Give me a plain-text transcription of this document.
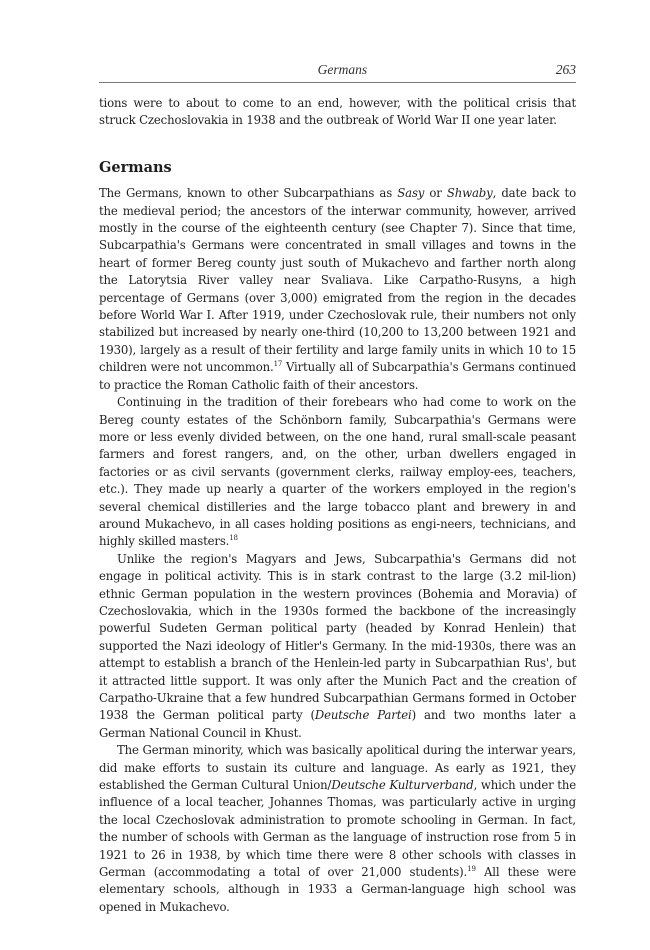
Germans	263

tions were to about to come to an end, however, with the political crisis that struck Czechoslovakia in 1938 and the outbreak of World War II one year later.

Germans

The Germans, known to other Subcarpathians as Sasy or Shwaby, date back to the medieval period; the ancestors of the interwar community, however, arrived mostly in the course of the eighteenth century (see Chapter 7). Since that time, Subcarpathia's Germans were concentrated in small villages and towns in the heart of former Bereg county just south of Mukachevo and farther north along the Latorytsia River valley near Svaliava. Like Carpatho-Rusyns, a high percentage of Germans (over 3,000) emigrated from the region in the decades before World War I. After 1919, under Czechoslovak rule, their numbers not only stabilized but increased by nearly one-third (10,200 to 13,200 between 1921 and 1930), largely as a result of their fertility and large family units in which 10 to 15 children were not uncommon.$^{17}$ Virtually all of Subcarpathia's Germans continued to practice the Roman Catholic faith of their ancestors.

Continuing in the tradition of their forebears who had come to work on the Bereg county estates of the Schönborn family, Subcarpathia's Germans were more or less evenly divided between, on the one hand, rural small-scale peasant farmers and forest rangers, and, on the other, urban dwellers engaged in factories or as civil servants (government clerks, railway employ-ees, teachers, etc.). They made up nearly a quarter of the workers employed in the region's several chemical distilleries and the large tobacco plant and brewery in and around Mukachevo, in all cases holding positions as engi-neers, technicians, and highly skilled masters.$^{18}$

Unlike the region's Magyars and Jews, Subcarpathia's Germans did not engage in political activity. This is in stark contrast to the large (3.2 mil-lion) ethnic German population in the western provinces (Bohemia and Moravia) of Czechoslovakia, which in the 1930s formed the backbone of the increasingly powerful Sudeten German political party (headed by Konrad Henlein) that supported the Nazi ideology of Hitler's Germany. In the mid-1930s, there was an attempt to establish a branch of the Henlein-led party in Subcarpathian Rus', but it attracted little support. It was only after the Munich Pact and the creation of Carpatho-Ukraine that a few hundred Subcarpathian Germans formed in October 1938 the German political party (Deutsche Partei) and two months later a German National Council in Khust.

The German minority, which was basically apolitical during the interwar years, did make efforts to sustain its culture and language. As early as 1921, they established the German Cultural Union/Deutsche Kulturverband, which under the influence of a local teacher, Johannes Thomas, was particularly active in urging the local Czechoslovak administration to promote schooling in German. In fact, the number of schools with German as the language of instruction rose from 5 in 1921 to 26 in 1938, by which time there were 8 other schools with classes in German (accommodating a total of over 21,000 students).$^{19}$ All these were elementary schools, although in 1933 a German-language high school was opened in Mukachevo.
